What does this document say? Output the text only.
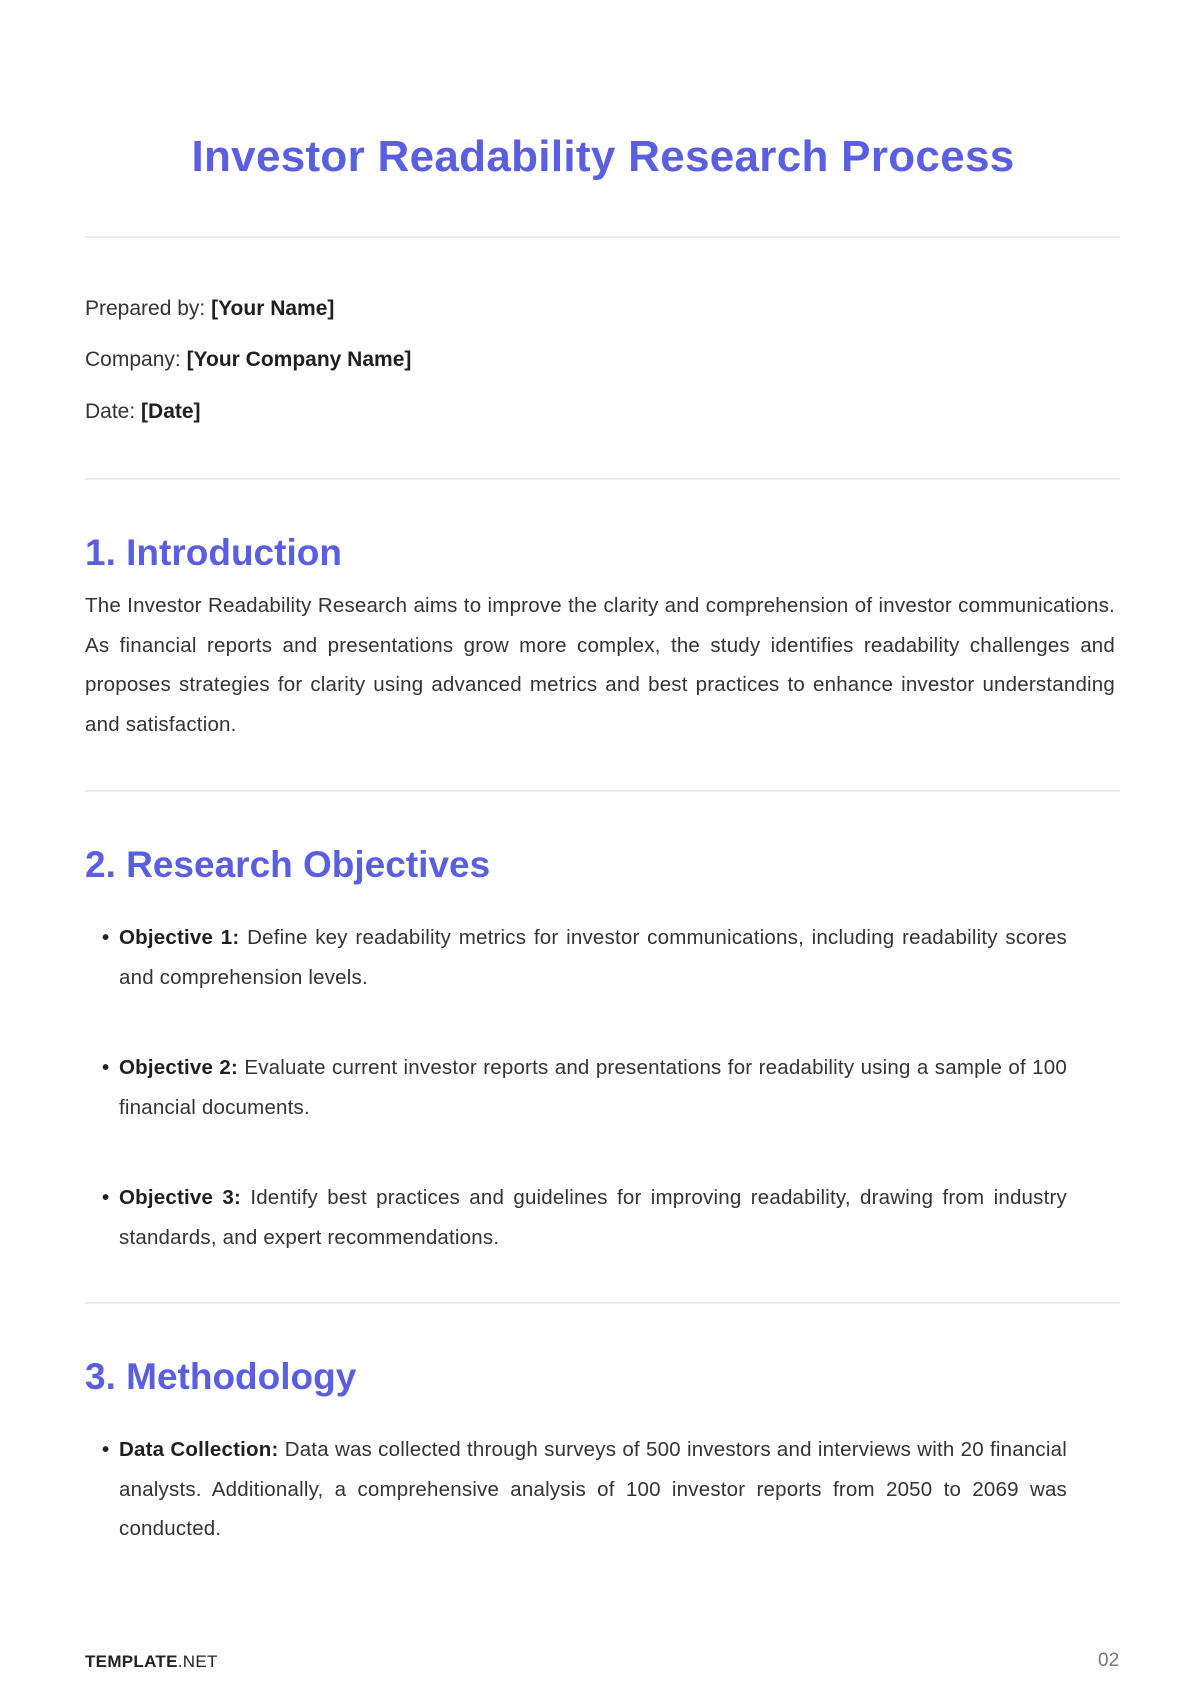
Investor Readability Research Process
Prepared by: [Your Name]
Company: [Your Company Name]
Date: [Date]
1. Introduction
The Investor Readability Research aims to improve the clarity and comprehension of investor communications. As financial reports and presentations grow more complex, the study identifies readability challenges and proposes strategies for clarity using advanced metrics and best practices to enhance investor understanding and satisfaction.
2. Research Objectives
• Objective 1: Define key readability metrics for investor communications, including readability scores and comprehension levels.
• Objective 2: Evaluate current investor reports and presentations for readability using a sample of 100 financial documents.
• Objective 3: Identify best practices and guidelines for improving readability, drawing from industry standards, and expert recommendations.
3. Methodology
• Data Collection: Data was collected through surveys of 500 investors and interviews with 20 financial analysts. Additionally, a comprehensive analysis of 100 investor reports from 2050 to 2069 was conducted.
TEMPLATE.NET	02
